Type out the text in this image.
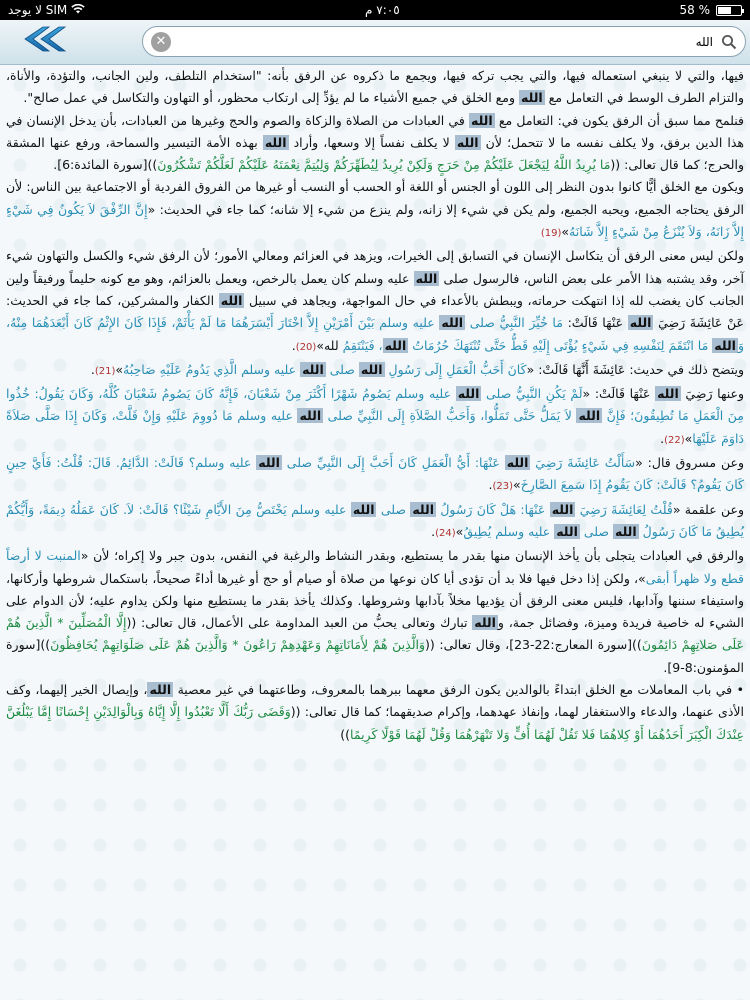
لا يوجد SIM	٧:٠٥ م	58 %
الله
✕

فيها، والتي لا ينبغي استعماله فيها، والتي يجب تركه فيها، ويجمع ما ذكروه عن الرفق بأنه: "استخدام التلطف، ولين الجانب، والتؤدة، والأناة، والتزام الطرف الوسط في التعامل مع الله ومع الخلق في جميع الأشياء ما لم يؤدِّ إلى ارتكاب محظور، أو التهاون والتكاسل في عمل صالح".

فنلمح مما سبق أن الرفق يكون في: التعامل مع الله في العبادات من الصلاة والزكاة والصوم والحج وغيرها من العبادات، بأن يدخل الإنسان في هذا الدين برفق، ولا يكلف نفسه ما لا تتحمل؛ لأن الله لا يكلف نفساً إلا وسعها، وأراد الله بهذه الأمة التيسير والسماحة، ورفع عنها المشقة والحرج؛ كما قال تعالى: ((مَا يُرِيدُ اللَّهُ لِيَجْعَلَ عَلَيْكُمْ مِنْ حَرَجٍ وَلَكِنْ يُرِيدُ لِيُطَهِّرَكُمْ وَلِيُتِمَّ نِعْمَتَهُ عَلَيْكُمْ لَعَلَّكُمْ تَشْكُرُونَ))[سورة المائدة:6].

ويكون مع الخلق أيًّا كانوا بدون النظر إلى اللون أو الجنس أو اللغة أو الحسب أو النسب أو غيرها من الفروق الفردية أو الاجتماعية بين الناس: لأن الرفق يحتاجه الجميع، ويحبه الجميع، ولم يكن في شيء إلا زانه، ولم ينزع من شيء إلا شانه؛ كما جاء في الحديث: «إِنَّ الرِّفْقَ لاَ يَكُونُ فِي شَيْءٍ إِلاَّ زَانَهُ، وَلاَ يُنْزَعُ مِنْ شَيْءٍ إِلاَّ شَانَهُ»(19)

ولكن ليس معنى الرفق أن يتكاسل الإنسان في التسابق إلى الخيرات، ويزهد في العزائم ومعالي الأمور؛ لأن الرفق شيء والكسل والتهاون شيء آخر، وقد يشتبه هذا الأمر على بعض الناس، فالرسول صلى الله عليه وسلم كان يعمل بالرخص، ويعمل بالعزائم، وهو مع كونه حليماً ورفيقاً ولين الجانب كان يغضب لله إذا انتهكت حرماته، ويبطش بالأعداء في حال المواجهة، ويجاهد في سبيل الله الكفار والمشركين، كما جاء في الحديث: عَنْ عَائِشَةَ رَضِيَ الله عَنْهَا قَالَتْ: مَا خُيِّرَ النَّبِيُّ صلى الله عليه وسلم بَيْنَ أَمْرَيْنِ إِلاَّ اخْتَارَ أَيْسَرَهُمَا مَا لَمْ يَأْثَمْ، فَإِذَا كَانَ الإِثْمُ كَانَ أَبْعَدَهُمَا مِنْهُ، وَالله مَا انْتَقَمَ لِنَفْسِهِ فِي شَيْءٍ يُؤْتَى إِلَيْهِ قَطُّ حَتَّى تُنْتَهَكَ حُرُمَاتُ الله، فَيَنْتَقِمُ لله»(20).

ويتضح ذلك في حديث: عَائِشَةَ أَنَّهَا قَالَتْ: «كَانَ أَحَبُّ الْعَمَلِ إِلَى رَسُولِ الله صلى الله عليه وسلم الَّذِي يَدُومُ عَلَيْهِ صَاحِبُهُ»(21).

وعنها رَضِيَ الله عَنْهَا قَالَتْ: «لَمْ يَكُنِ النَّبِيُّ صلى الله عليه وسلم يَصُومُ شَهْرًا أَكْثَرَ مِنْ شَعْبَانَ، فَإِنَّهُ كَانَ يَصُومُ شَعْبَانَ كُلَّهُ، وَكَانَ يَقُولُ: خُذُوا مِنَ الْعَمَلِ مَا تُطِيقُونَ؛ فَإِنَّ الله لاَ يَمَلُّ حَتَّى تَمَلُّوا، وَأَحَبُّ الصَّلاَةِ إِلَى النَّبِيِّ صلى الله عليه وسلم مَا دُووِمَ عَلَيْهِ وَإِنْ قَلَّتْ، وَكَانَ إِذَا صَلَّى صَلاَةً دَاوَمَ عَلَيْهَا»(22).

وعن مسروق قال: «سَأَلْتُ عَائِشَةَ رَضِيَ الله عَنْهَا: أَيُّ الْعَمَلِ كَانَ أَحَبَّ إِلَى النَّبِيِّ صلى الله عليه وسلم؟ قَالَتْ: الدَّائِمُ. قَالَ: قُلْتُ: فَأَيَّ حِينٍ كَانَ يَقُومُ؟ قَالَتْ: كَانَ يَقُومُ إِذَا سَمِعَ الصَّارِخَ»(23).

وعن علقمة «قُلْتُ لِعَائِشَةَ رَضِيَ الله عَنْهَا: هَلْ كَانَ رَسُولُ الله صلى الله عليه وسلم يَخْتَصُّ مِنَ الأَيَّامِ شَيْئًا؟ قَالَتْ: لاَ. كَانَ عَمَلُهُ دِيمَةً، وَأَيُّكُمْ يُطِيقُ مَا كَانَ رَسُولُ الله صلى الله عليه وسلم يُطِيقُ»(24).

والرفق في العبادات يتجلى بأن يأخذ الإنسان منها بقدر ما يستطيع، وبقدر النشاط والرغبة في النفس، بدون جبر ولا إكراه؛ لأن «المنبت لا أرضاً قطع ولا ظهراً أبقى»، ولكن إذا دخل فيها فلا بد أن تؤدى أيا كان نوعها من صلاة أو صيام أو حج أو غيرها أداءً صحيحاً، باستكمال شروطها وأركانها، واستيفاء سننها وآدابها، فليس معنى الرفق أن يؤديها مخلاً بآدابها وشروطها. وكذلك يأخذ بقدر ما يستطيع منها ولكن يداوم عليه؛ لأن الدوام على الشيء له خاصية فريدة وميزة، وفضائل جمة، والله تبارك وتعالى يحبُّ من العبد المداومة على الأعمال، قال تعالى: ((إِلَّا الْمُصَلِّينَ * الَّذِينَ هُمْ عَلَى صَلاتِهِمْ دَائِمُونَ))[سورة المعارج:22-23]، وقال تعالى: ((وَالَّذِينَ هُمْ لِأَمَانَاتِهِمْ وَعَهْدِهِمْ رَاعُونَ * وَالَّذِينَ هُمْ عَلَى صَلَوَاتِهِمْ يُحَافِظُونَ))[سورة المؤمنون:8-9].

• في باب المعاملات مع الخلق ابتداءً بالوالدين يكون الرفق معهما ببرهما بالمعروف، وطاعتهما في غير معصية الله، وإيصال الخير إليهما، وكف الأذى عنهما، والدعاء والاستغفار لهما، وإنفاذ عهدهما، وإكرام صديقهما؛ كما قال تعالى: ((وَقَضَى رَبُّكَ أَلَّا تَعْبُدُوا إِلَّا إِيَّاهُ وَبِالْوَالِدَيْنِ إِحْسَانًا إِمَّا يَبْلُغَنَّ عِنْدَكَ الْكِبَرَ أَحَدُهُمَا أَوْ كِلاهُمَا فَلا تَقُلْ لَهُمَا أُفٍّ وَلا تَنْهَرْهُمَا وَقُلْ لَهُمَا قَوْلًا كَرِيمًا))
